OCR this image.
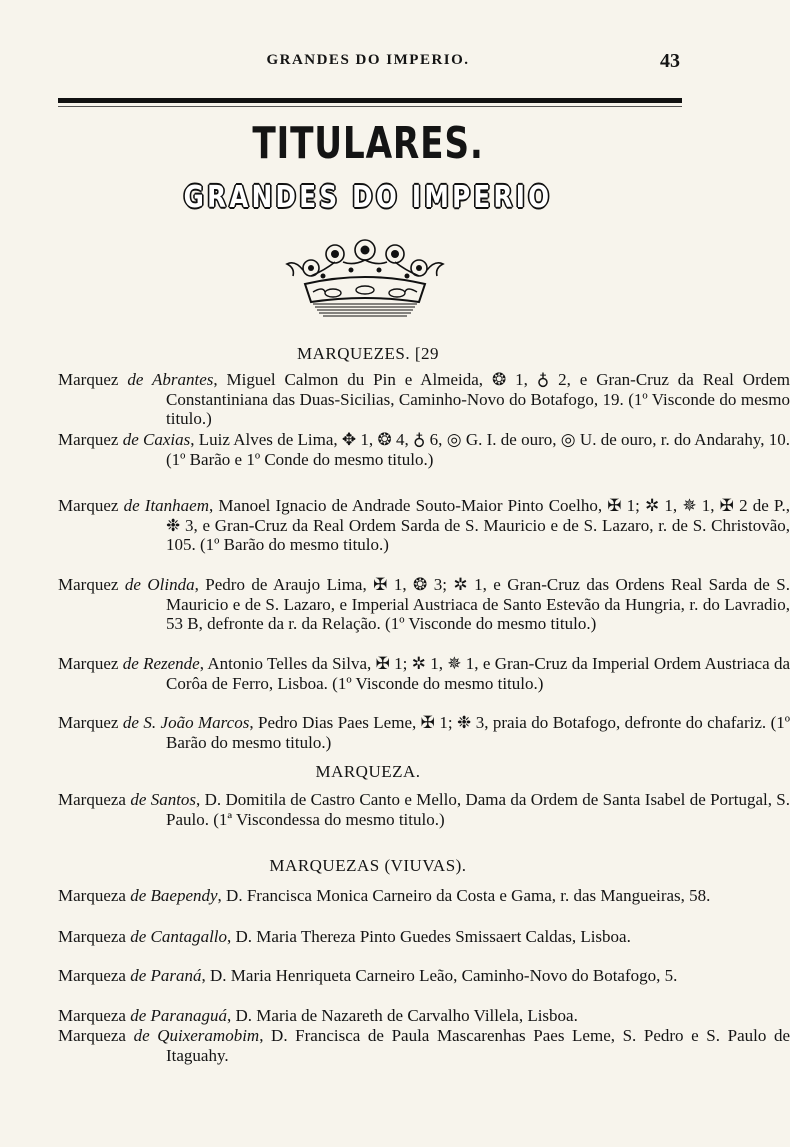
GRANDES DO IMPERIO.	43
TITULARES.
GRANDES DO IMPERIO
MARQUEZES. [29
Marquez de Abrantes, Miguel Calmon du Pin e Almeida, ❂ 1, ♁ 2, e Gran-Cruz da Real Ordem Constantiniana das Duas-Sicilias, Caminho-Novo do Botafogo, 19. (1º Visconde do mesmo titulo.)
Marquez de Caxias, Luiz Alves de Lima, ✥ 1, ❂ 4, ♁ 6, ◎ G. I. de ouro, ◎ U. de ouro, r. do Andarahy, 10. (1º Barão e 1º Conde do mesmo titulo.)
Marquez de Itanhaem, Manoel Ignacio de Andrade Souto-Maior Pinto Coelho, ✠ 1; ✲ 1, ✵ 1, ✠ 2 de P., ❉ 3, e Gran-Cruz da Real Ordem Sarda de S. Mauricio e de S. Lazaro, r. de S. Christovão, 105. (1º Barão do mesmo titulo.)
Marquez de Olinda, Pedro de Araujo Lima, ✠ 1, ❂ 3; ✲ 1, e Gran-Cruz das Ordens Real Sarda de S. Mauricio e de S. Lazaro, e Imperial Austriaca de Santo Estevão da Hungria, r. do Lavradio, 53 B, defronte da r. da Relação. (1º Visconde do mesmo titulo.)
Marquez de Rezende, Antonio Telles da Silva, ✠ 1; ✲ 1, ✵ 1, e Gran-Cruz da Imperial Ordem Austriaca da Corôa de Ferro, Lisboa. (1º Visconde do mesmo titulo.)
Marquez de S. João Marcos, Pedro Dias Paes Leme, ✠ 1; ❉ 3, praia do Botafogo, defronte do chafariz. (1º Barão do mesmo titulo.)
MARQUEZA.
Marqueza de Santos, D. Domitila de Castro Canto e Mello, Dama da Ordem de Santa Isabel de Portugal, S. Paulo. (1ª Viscondessa do mesmo titulo.)
MARQUEZAS (VIUVAS).
Marqueza de Baependy, D. Francisca Monica Carneiro da Costa e Gama, r. das Mangueiras, 58.
Marqueza de Cantagallo, D. Maria Thereza Pinto Guedes Smissaert Caldas, Lisboa.
Marqueza de Paraná, D. Maria Henriqueta Carneiro Leão, Caminho-Novo do Botafogo, 5.
Marqueza de Paranaguá, D. Maria de Nazareth de Carvalho Villela, Lisboa.
Marqueza de Quixeramobim, D. Francisca de Paula Mascarenhas Paes Leme, S. Pedro e S. Paulo de Itaguahy.
